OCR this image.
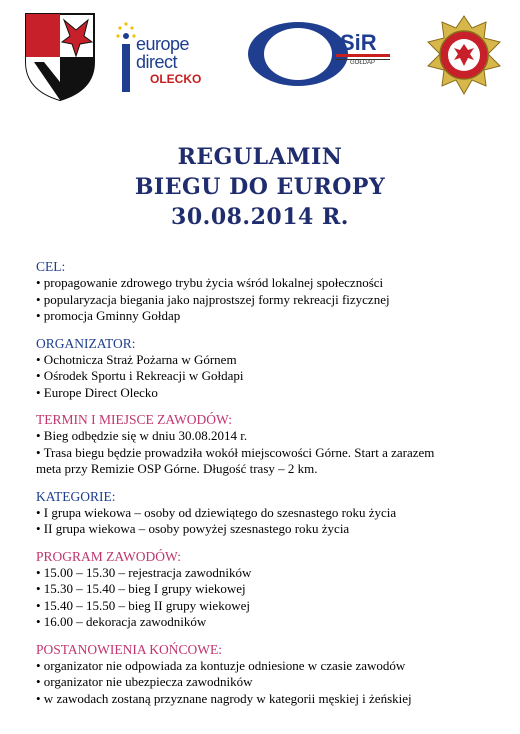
europe
direct
OLECKO
SiR
GOŁDAP
REGULAMIN
BIEGU DO EUROPY
30.08.2014 R.
CEL:
• propagowanie zdrowego trybu życia wśród lokalnej społeczności
• popularyzacja biegania jako najprostszej formy rekreacji fizycznej
• promocja Gminny Gołdap
ORGANIZATOR:
• Ochotnicza Straż Pożarna w Górnem
• Ośrodek Sportu i Rekreacji w Gołdapi
• Europe Direct Olecko
TERMIN I MIEJSCE ZAWODÓW:
• Bieg odbędzie się w dniu 30.08.2014 r.
• Trasa biegu będzie prowadziła wokół miejscowości Górne. Start a zarazem
meta przy Remizie OSP Górne. Długość trasy – 2 km.
KATEGORIE:
• I grupa wiekowa – osoby od dziewiątego do szesnastego roku życia
• II grupa wiekowa – osoby powyżej szesnastego roku życia
PROGRAM ZAWODÓW:
• 15.00 – 15.30 – rejestracja zawodników
• 15.30 – 15.40 – bieg I grupy wiekowej
• 15.40 – 15.50 – bieg II grupy wiekowej
• 16.00 – dekoracja zawodników
POSTANOWIENIA KOŃCOWE:
• organizator nie odpowiada za kontuzje odniesione w czasie zawodów
• organizator nie ubezpiecza zawodników
• w zawodach zostaną przyznane nagrody w kategorii męskiej i żeńskiej
